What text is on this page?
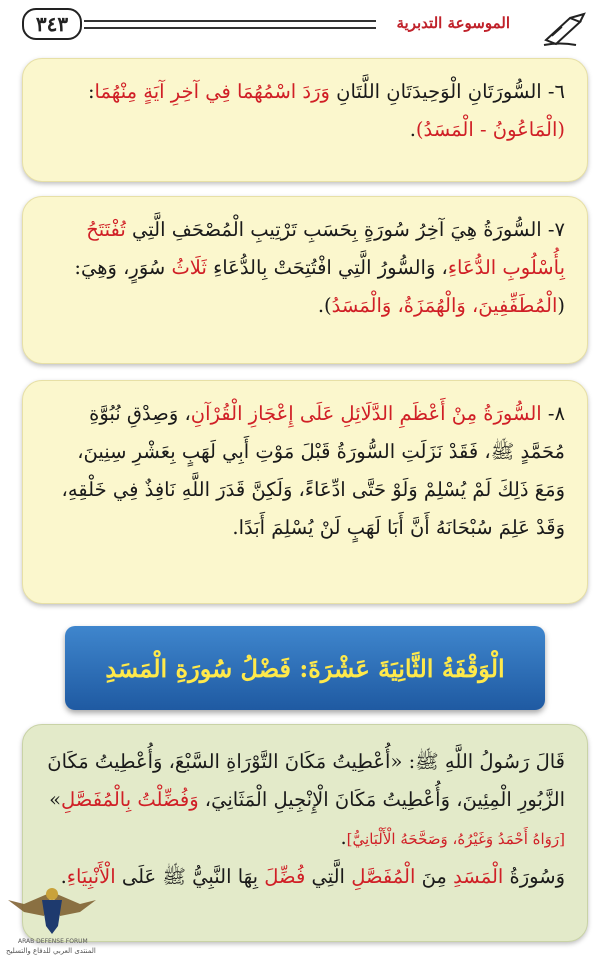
٣٤٣	الموسوعة التدبرية

٦- السُّورَتَانِ الْوَحِيدَتَانِ اللَّتَانِ وَرَدَ اسْمُهُمَا فِي آخِرِ آيَةٍ مِنْهُمَا: (الْمَاعُونُ - الْمَسَدُ).

٧- السُّورَةُ هِيَ آخِرُ سُورَةٍ بِحَسَبِ تَرْتِيبِ الْمُصْحَفِ الَّتِي تُفْتَتَحُ بِأُسْلُوبِ الدُّعَاءِ، وَالسُّورُ الَّتِي افْتُتِحَتْ بِالدُّعَاءِ ثَلَاثُ سُوَرٍ، وَهِيَ: (الْمُطَفِّفِينَ، وَالْهُمَزَةُ، وَالْمَسَدُ).

٨- السُّورَةُ مِنْ أَعْظَمِ الدَّلَائِلِ عَلَى إِعْجَازِ الْقُرْآنِ، وَصِدْقِ نُبُوَّةِ مُحَمَّدٍ ﷺ، فَقَدْ نَزَلَتِ السُّورَةُ قَبْلَ مَوْتِ أَبِي لَهَبٍ بِعَشْرِ سِنِينَ، وَمَعَ ذَلِكَ لَمْ يُسْلِمْ وَلَوْ حَتَّى ادِّعَاءً، وَلَكِنَّ قَدَرَ اللَّهِ نَافِذٌ فِي خَلْقِهِ، وَقَدْ عَلِمَ سُبْحَانَهُ أَنَّ أَبَا لَهَبٍ لَنْ يُسْلِمَ أَبَدًا.

الْوَقْفَةُ الثَّانِيَةَ عَشْرَةَ: فَضْلُ سُورَةِ الْمَسَدِ

قَالَ رَسُولُ اللَّهِ ﷺ: «أُعْطِيتُ مَكَانَ التَّوْرَاةِ السَّبْعَ، وَأُعْطِيتُ مَكَانَ الزَّبُورِ الْمِئِينَ، وَأُعْطِيتُ مَكَانَ الْإِنْجِيلِ الْمَثَانِيَ، وَفُضِّلْتُ بِالْمُفَصَّلِ» [رَوَاهُ أَحْمَدُ وَغَيْرُهُ، وَصَحَّحَهُ الْأَلْبَانِيُّ].

وَسُورَةُ الْمَسَدِ مِنَ الْمُفَصَّلِ الَّتِي فُضِّلَ بِهَا النَّبِيُّ ﷺ عَلَى الْأَنْبِيَاءِ.

ARAB DEFENSE FORUM
المنتدى العربي للدفاع والتسليح
